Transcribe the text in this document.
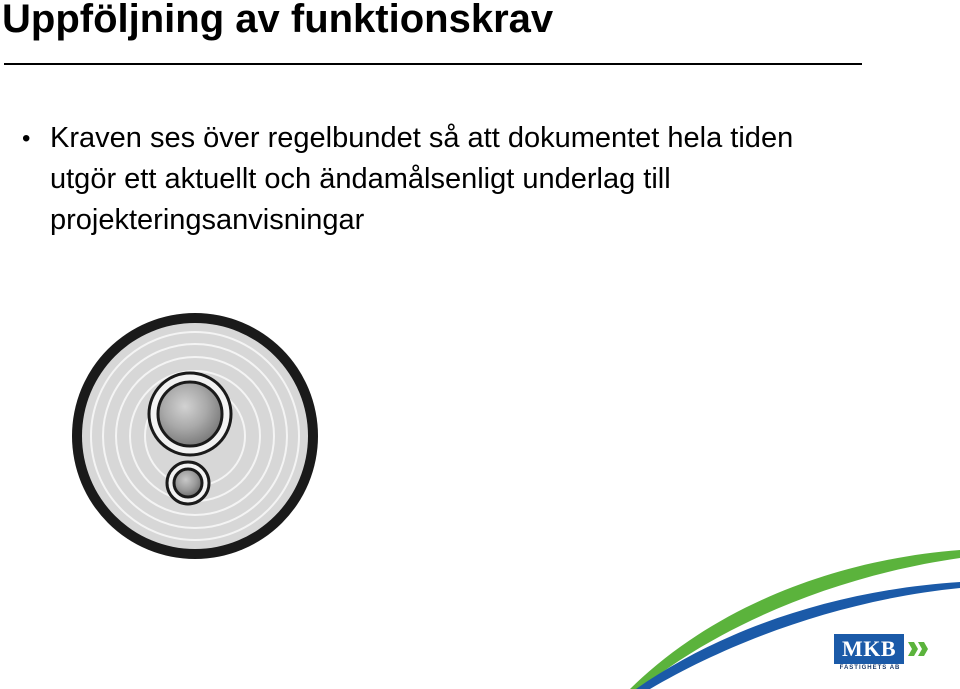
Uppföljning av funktionskrav
• Kraven ses över regelbundet så att dokumentet hela tiden utgör ett aktuellt och ändamålsenligt underlag till projekteringsanvisningar
MKB
FASTIGHETS AB
